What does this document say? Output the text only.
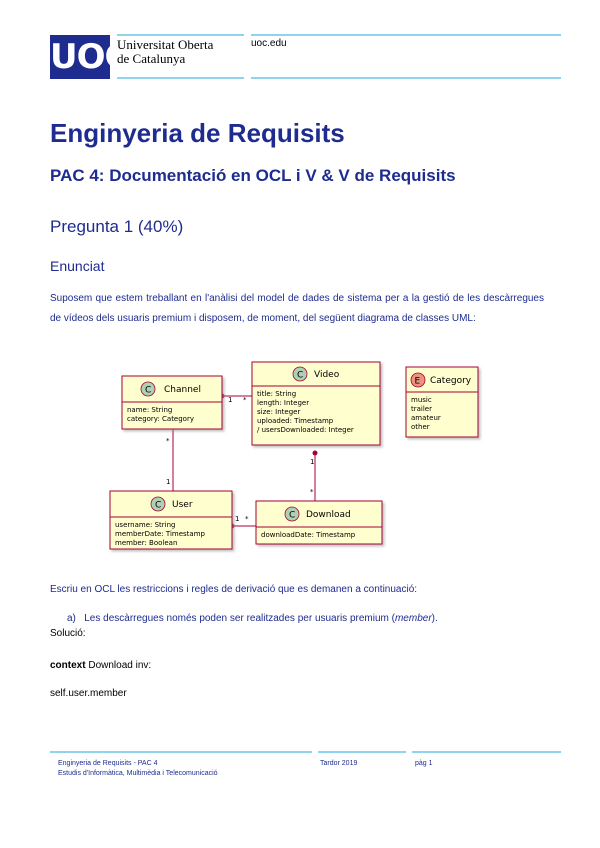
UOC
Universitat Oberta
de Catalunya
uoc.edu
Enginyeria de Requisits
PAC 4: Documentació en OCL i V & V de Requisits
Pregunta 1 (40%)
Enunciat
Suposem que estem treballant en l'anàlisi del model de dades de sistema per a la gestió de les descàrregues de vídeos dels usuaris premium i disposem, de moment, del següent diagrama de classes UML:
1 *
*
1
1
*
1 *
C Channel
name: String
category: Category
C Video
title: String
length: Integer
size: Integer
uploaded: Timestamp
/ usersDownloaded: Integer
E Category
music
trailer
amateur
other
C User
username: String
memberDate: Timestamp
member: Boolean
C Download
downloadDate: Timestamp
Escriu en OCL les restriccions i regles de derivació que es demanen a continuació:
a) Les descàrregues només poden ser realitzades per usuaris premium (member).
Solució:
context Download inv:
self.user.member
Enginyeria de Requisits - PAC 4
Estudis d'Informàtica, Multimèdia i Telecomunicació
Tardor 2019	pàg 1
